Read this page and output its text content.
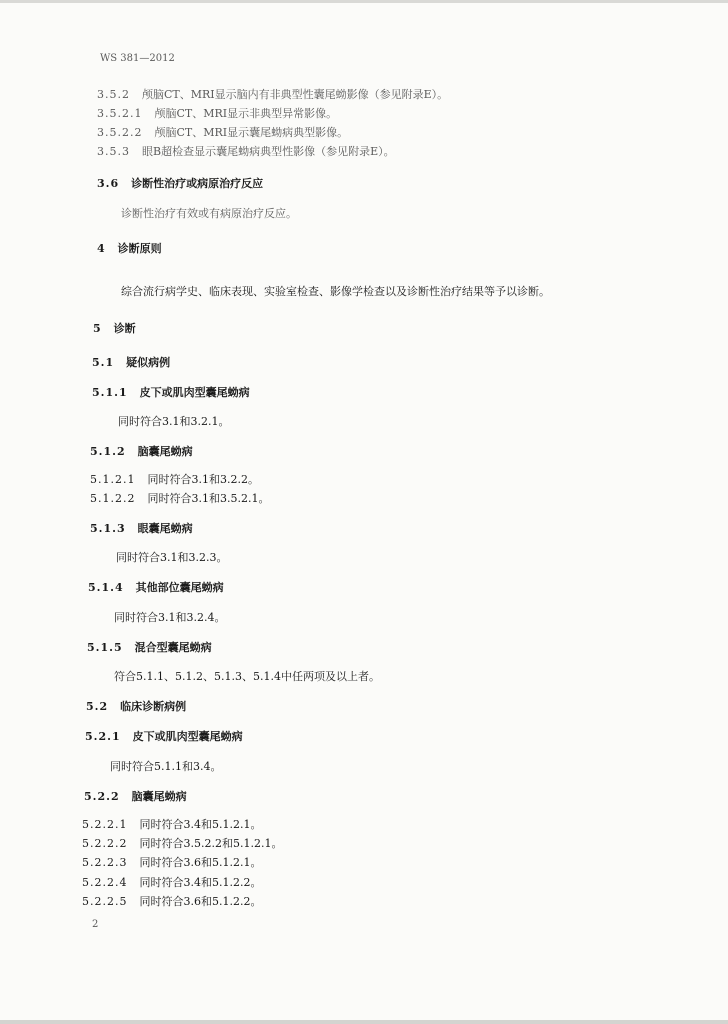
WS 381—2012
3.5.2 颅脑CT、MRI显示脑内有非典型性囊尾蚴影像（参见附录E）。
3.5.2.1 颅脑CT、MRI显示非典型异常影像。
3.5.2.2 颅脑CT、MRI显示囊尾蚴病典型影像。
3.5.3 眼B超检查显示囊尾蚴病典型性影像（参见附录E）。
3.6 诊断性治疗或病原治疗反应
诊断性治疗有效或有病原治疗反应。
4 诊断原则
综合流行病学史、临床表现、实验室检查、影像学检查以及诊断性治疗结果等予以诊断。
5 诊断
5.1 疑似病例
5.1.1 皮下或肌肉型囊尾蚴病
同时符合3.1和3.2.1。
5.1.2 脑囊尾蚴病
5.1.2.1 同时符合3.1和3.2.2。
5.1.2.2 同时符合3.1和3.5.2.1。
5.1.3 眼囊尾蚴病
同时符合3.1和3.2.3。
5.1.4 其他部位囊尾蚴病
同时符合3.1和3.2.4。
5.1.5 混合型囊尾蚴病
符合5.1.1、5.1.2、5.1.3、5.1.4中任两项及以上者。
5.2 临床诊断病例
5.2.1 皮下或肌肉型囊尾蚴病
同时符合5.1.1和3.4。
5.2.2 脑囊尾蚴病
5.2.2.1 同时符合3.4和5.1.2.1。
5.2.2.2 同时符合3.5.2.2和5.1.2.1。
5.2.2.3 同时符合3.6和5.1.2.1。
5.2.2.4 同时符合3.4和5.1.2.2。
5.2.2.5 同时符合3.6和5.1.2.2。
2
